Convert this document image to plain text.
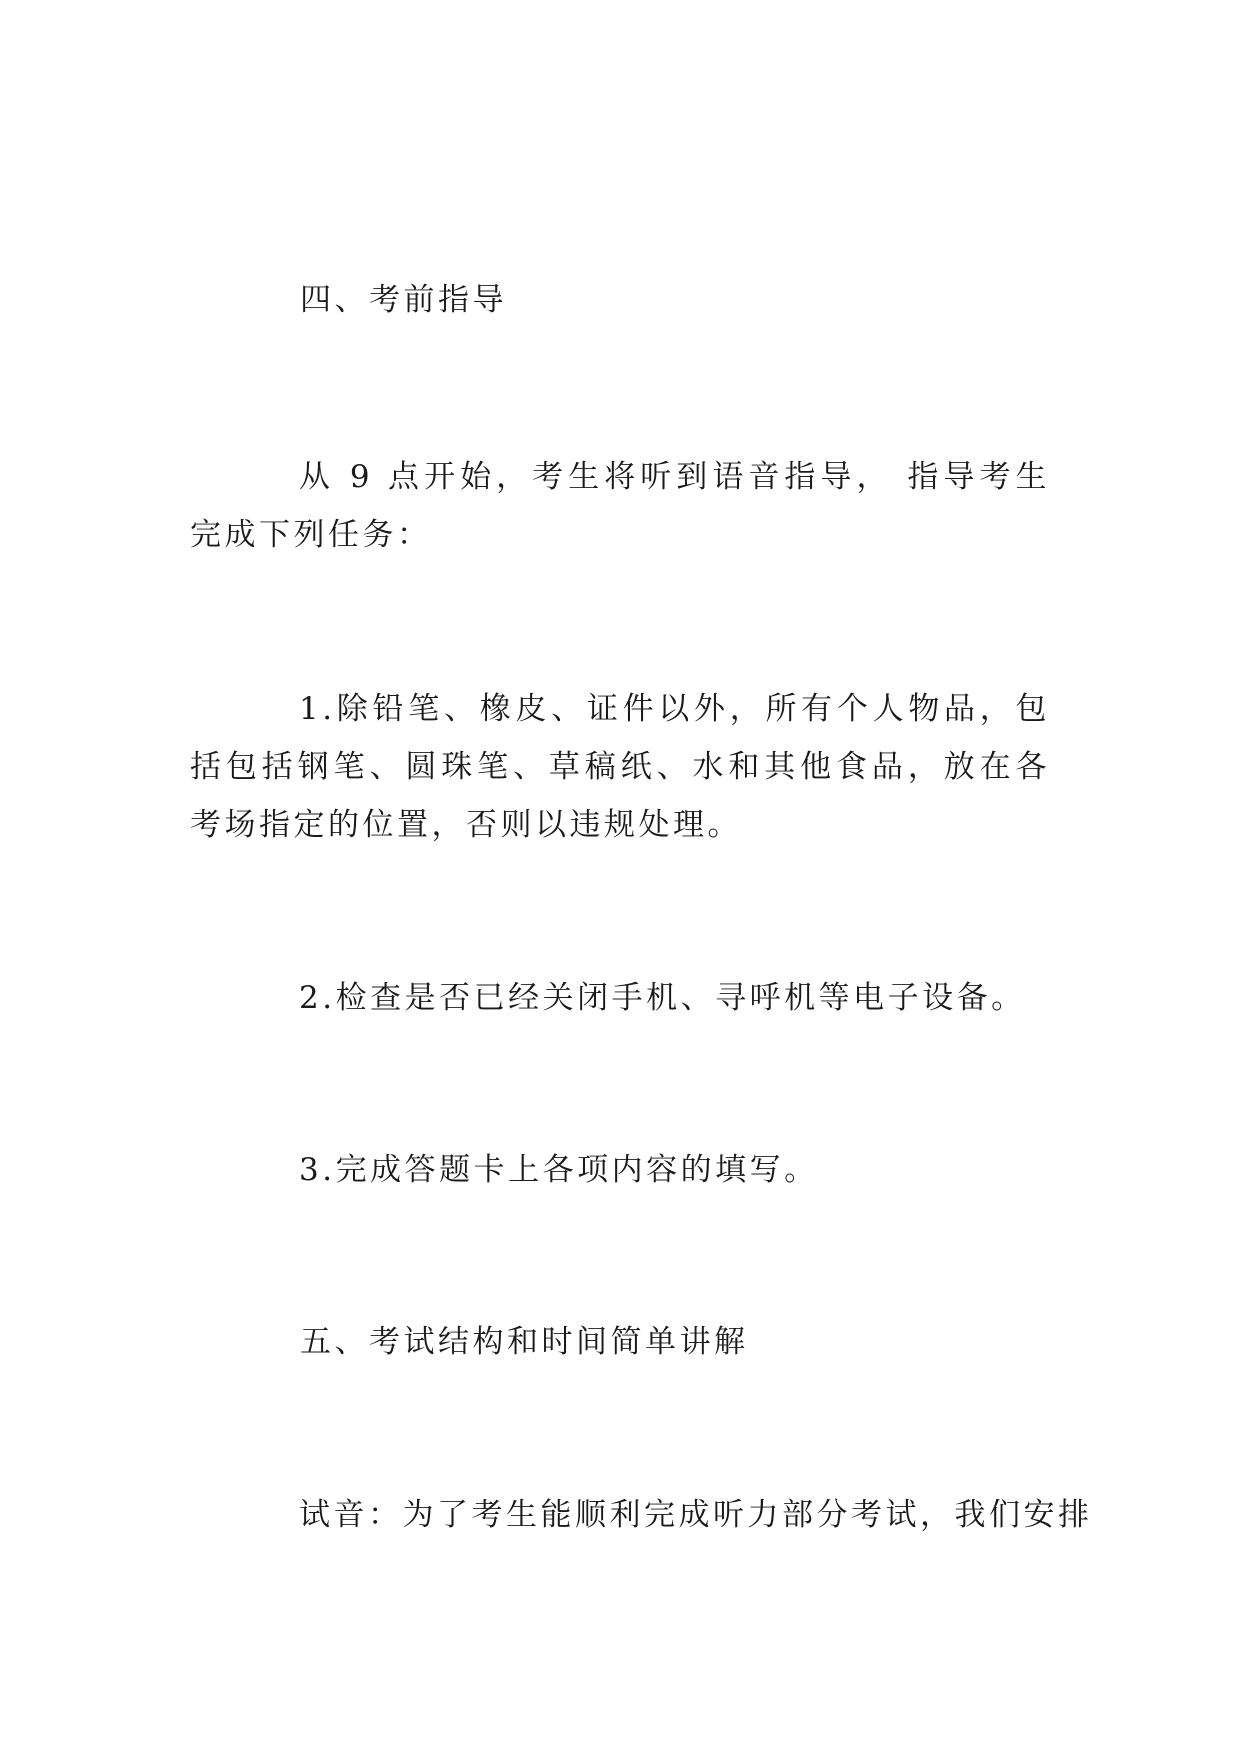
四、考前指导
从 9 点开始，考生将听到语音指导， 指导考生完成下列任务：
1.除铅笔、橡皮、证件以外，所有个人物品，包括包括钢笔、圆珠笔、草稿纸、水和其他食品，放在各考场指定的位置，否则以违规处理。
2.检查是否已经关闭手机、寻呼机等电子设备。
3.完成答题卡上各项内容的填写。
五、考试结构和时间简单讲解
试音：为了考生能顺利完成听力部分考试，我们安排
